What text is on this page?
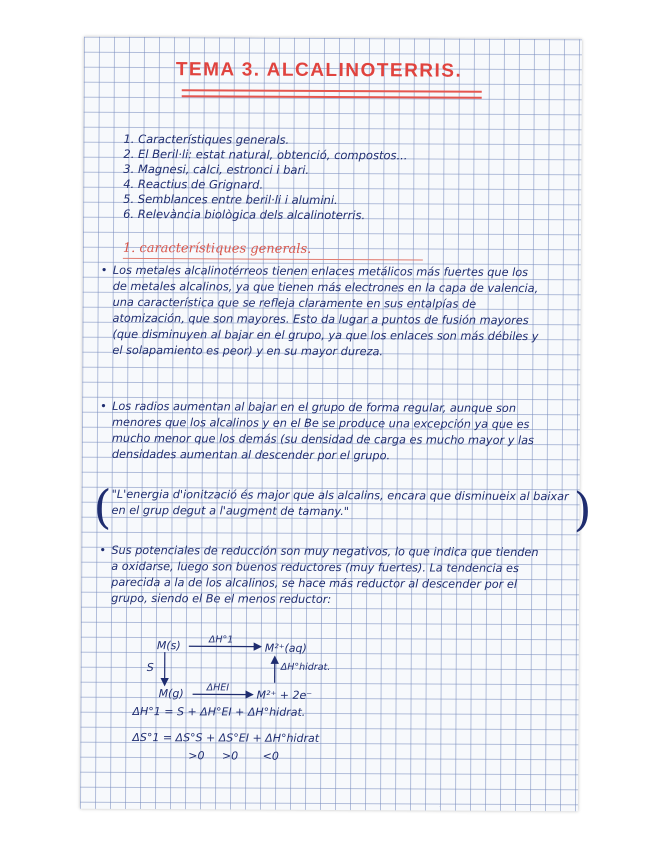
TEMA 3. ALCALINOTERRIS.
1. Característiques generals.
2. El Beril·li: estat natural, obtenció, compostos...
3. Magnesi, calci, estronci i bari.
4. Reactius de Grignard.
5. Semblances entre beril·li i alumini.
6. Relevància biològica dels alcalinoterris.
1. característiques generals.

• Los metales alcalinotérreos tienen enlaces metálicos más fuertes que los de metales alcalinos, ya que tienen más electrones en la capa de valencia, una característica que se refleja claramente en sus entalpías de atomización, que son mayores. Esto da lugar a puntos de fusión mayores (que disminuyen al bajar en el grupo, ya que los enlaces son más débiles y el solapamiento es peor) y en su mayor dureza.

• Los radios aumentan al bajar en el grupo de forma regular, aunque son menores que los alcalinos y en el Be se produce una excepción ya que es mucho menor que los demás (su densidad de carga es mucho mayor y las densidades aumentan al descender por el grupo.

( "L'energia d'ionització és major que als alcalins, encara que disminueix al baixar en el grup degut a l'augment de tamany."	)

• Sus potenciales de reducción son muy negativos, lo que indica que tienden a oxidarse, luego son buenos reductores (muy fuertes). La tendencia es parecida a la de los alcalinos, se hace más reductor al descender por el grupo, siendo el Be el menos reductor:

M(s)	ΔH°1
M²⁺(aq)
S	ΔH°hidrat.
M(g) ΔHEI
M²⁺ + 2e⁻
ΔH°1 = S + ΔH°EI + ΔH°hidrat.
ΔS°1 = ΔS°S + ΔS°EI + ΔH°hidrat
>0     >0       <0
